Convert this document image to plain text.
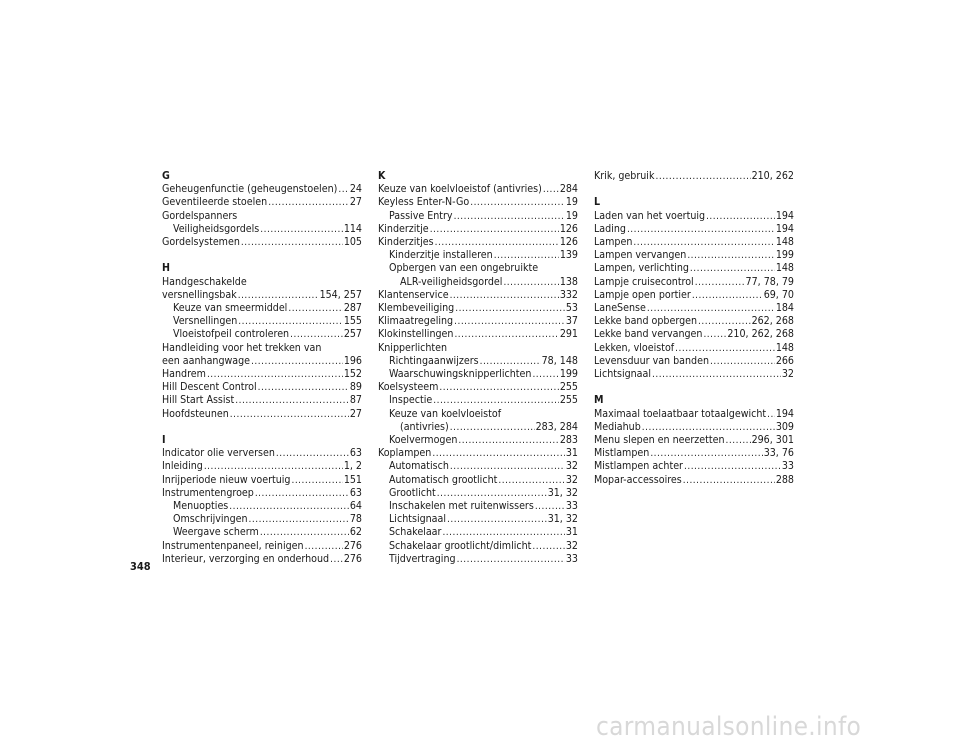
G
Geheugenfunctie (geheugenstoelen) ..... 24
Geventileerde stoelen .....	27
Gordelspanners
Veiligheidsgordels .....	114
Gordelsystemen .....	105
H
Handgeschakelde
versnellingsbak .....	154, 257
Keuze van smeermiddel .....	287
Versnellingen .....	155
Vloeistofpeil controleren .....	257
Handleiding voor het trekken van
een aanhangwage .....	196
Handrem .....	152
Hill Descent Control .....	89
Hill Start Assist .....	87
Hoofdsteunen .....	27
I
Indicator olie verversen .....	63
Inleiding .....	1, 2
Inrijperiode nieuw voertuig .....	151
Instrumentengroep .....	63
Menuopties .....	64
Omschrijvingen .....	78
Weergave scherm .....	62
Instrumentenpaneel, reinigen .....	276
Interieur, verzorging en onderhoud ..... 276
K
Keuze van koelvloeistof (antivries) ..... 284
Keyless Enter-N-Go .....	19
Passive Entry .....	19
Kinderzitje .....	126
Kinderzitjes .....	126
Kinderzitje installeren .....	139
Opbergen van een ongebruikte
ALR-veiligheidsgordel .....	138
Klantenservice .....	332
Klembeveiliging .....	53
Klimaatregeling .....	37
Klokinstellingen .....	291
Knipperlichten
Richtingaanwijzers .....	78, 148
Waarschuwingsknipperlichten .....	199
Koelsysteem .....	255
Inspectie .....	255
Keuze van koelvloeistof
(antivries) .....	283, 284
Koelvermogen .....	283
Koplampen .....	31
Automatisch .....	32
Automatisch grootlicht .....	32
Grootlicht .....	31, 32
Inschakelen met ruitenwissers .....	33
Lichtsignaal .....	31, 32
Schakelaar .....	31
Schakelaar grootlicht/dimlicht .....	32
Tijdvertraging .....	33
Krik, gebruik .....	210, 262
L
Laden van het voertuig .....	194
Lading .....	194
Lampen .....	148
Lampen vervangen .....	199
Lampen, verlichting .....	148
Lampje cruisecontrol .....	77, 78, 79
Lampje open portier .....	69, 70
LaneSense .....	184
Lekke band opbergen .....	262, 268
Lekke band vervangen ..... 210, 262, 268
Lekken, vloeistof .....	148
Levensduur van banden .....	266
Lichtsignaal .....	32
M
Maximaal toelaatbaar totaalgewicht ..... 194
Mediahub .....	309
Menu slepen en neerzetten .....	296, 301
Mistlampen .....	33, 76
Mistlampen achter .....	33
Mopar-accessoires .....	288
348
carmanualsonline.info
